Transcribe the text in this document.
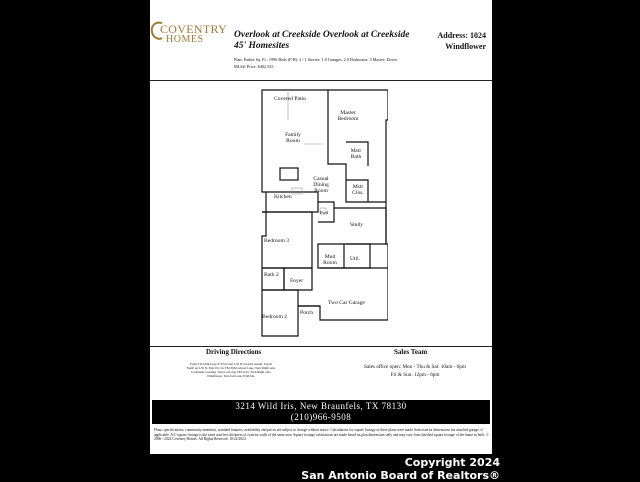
COVENTRY
HOMES	Overlook at Creekside Overlook at Creekside 45' Homesites
Address: 1024
Windflower
Plan: Parker Sq. Ft.: 1996 Beds (F/H): 2 / 1 Stories: 1.0 Garages: 2.0 Bedrooms: 3 Master: Down
MLS#: Price: $402,525
Covered Patio
Master Bedroom
Family Room
Mstr Bath
Casual Dining Room
Mstr Clos.
Kitchen
Pwd
Study
Bedroom 3
Mud Room
Util.
Bath 2
Foyer
Two Car Garage
Bedroom 2
Porch
Driving Directions
From TX-1604 Loop E: Exit onto I-35 N towards Austin. Travel North on I-35 N. Exit 191 for FM-306/Canyon Lake. Turn Right onto Creekside Crossing. Turn Left onto FM-1101. Turn Right onto Windflower. Turn Left onto Wild Iris.
Sales Team
Sales office open: Mon - Thu & Sat: 10am - 6pm
Fri & Sun: 12pm - 6pm
3214 Wild Iris, New Braunfels, TX 78130
(210)966-9508
Plans, specifications, community amenities, standard features, availability and prices are subject to change without notice. Calculations for square footage of these plans were made from exterior dimensions but attached garage, if applicable. A/C square footage is the same area less thickness of exterior walls of the same area. Square footage calculations are made based on plan dimensions only and may vary from finished square footage of the home as built. © 2006 - 2024 Coventry Homes. All Rights Reserved. 10/22/2024
Copyright 2024
San Antonio Board of Realtors®
